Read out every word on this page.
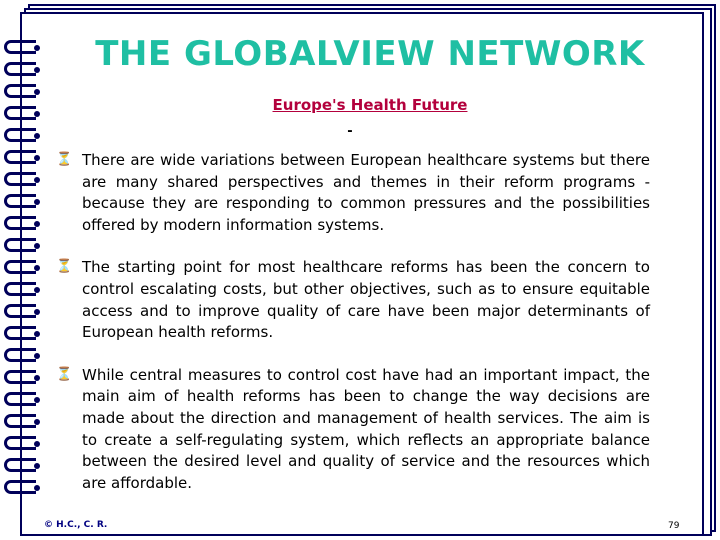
THE GLOBALVIEW NETWORK
Europe's Health Future
-
⏳ There are wide variations between European healthcare systems but there are many shared perspectives and themes in their reform programs - because they are responding to common pressures and the possibilities offered by modern information systems.

⏳ The starting point for most healthcare reforms has been the concern to control escalating costs, but other objectives, such as to ensure equitable access and to improve quality of care have been major determinants of European health reforms.

⏳ While central measures to control cost have had an important impact, the main aim of health reforms has been to change the way decisions are made about the direction and management of health services. The aim is to create a self-regulating system, which reflects an appropriate balance between the desired level and quality of service and the resources which are affordable.

© H.C., C. R.	79
